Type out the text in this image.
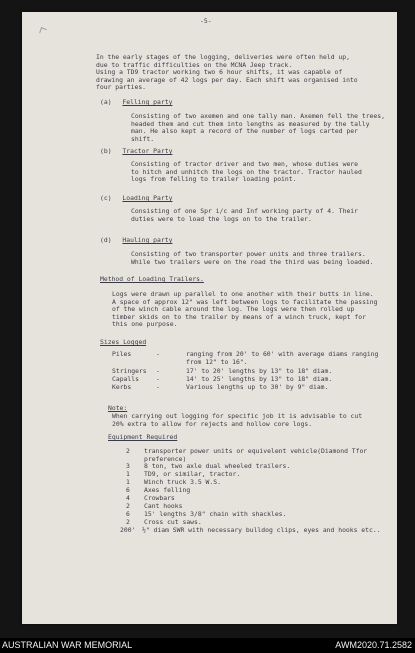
-5-
In the early stages of the logging, deliveries were often held up,
due to traffic difficulties on the MCNA Jeep track.
Using a TD9 tractor working two 6 hour shifts, it was capable of
drawing an average of 42 logs per day. Each shift was organised into
four parties.
(a) Felling party
Consisting of two axemen and one tally man. Axemen fell the trees,
headed them and cut them into lengths as measured by the tally
man. He also kept a record of the number of logs carted per
shift.
(b) Tractor Party
Consisting of tractor driver and two men, whose duties were
to hitch and unhitch the logs on the tractor. Tractor hauled
logs from felling to trailer loading point.
(c) Loading Party
Consisting of one Spr i/c and Inf working party of 4. Their
duties were to load the logs on to the trailer.
(d) Hauling party
Consisting of two transporter power units and three trailers.
While two trailers were on the road the third was being loaded.
Method of Loading Trailers.
Logs were drawn up parallel to one another with their butts in line.
A space of approx 12" was left between logs to facilitate the passing
of the winch cable around the log. The logs were then rolled up
timber skids on to the trailer by means of a winch truck, kept for
this one purpose.
Sizes Logged
Piles	-	ranging from 20' to 60' with average diams ranging
from 12" to 16".
Stringers -	17' to 20' lengths by 13" to 18" diam.
Capalls	-	14' to 25' lengths by 13" to 18" diam.
Kerbs	-	Various lengths up to 30' by 9" diam.
Note:
When carrying out logging for specific job it is advisable to cut
20% extra to allow for rejects and hollow core logs.
Equipment Required
2 transporter power units or equivelent vehicle(Diamond Tfor
preference)
3 8 ton, two axle dual wheeled trailers.
1 TD9, or similar, tractor.
1 Winch truck 3.5 W.S.
6 Axes felling
4 Crowbars
2 Cant hooks
6 15' lengths 3/8" chain with shackles.
2 Cross cut saws.
200' ½" diam SWR with necessary bulldog clips, eyes and hooks etc..
AUSTRALIAN WAR MEMORIAL	AWM2020.71.2582
